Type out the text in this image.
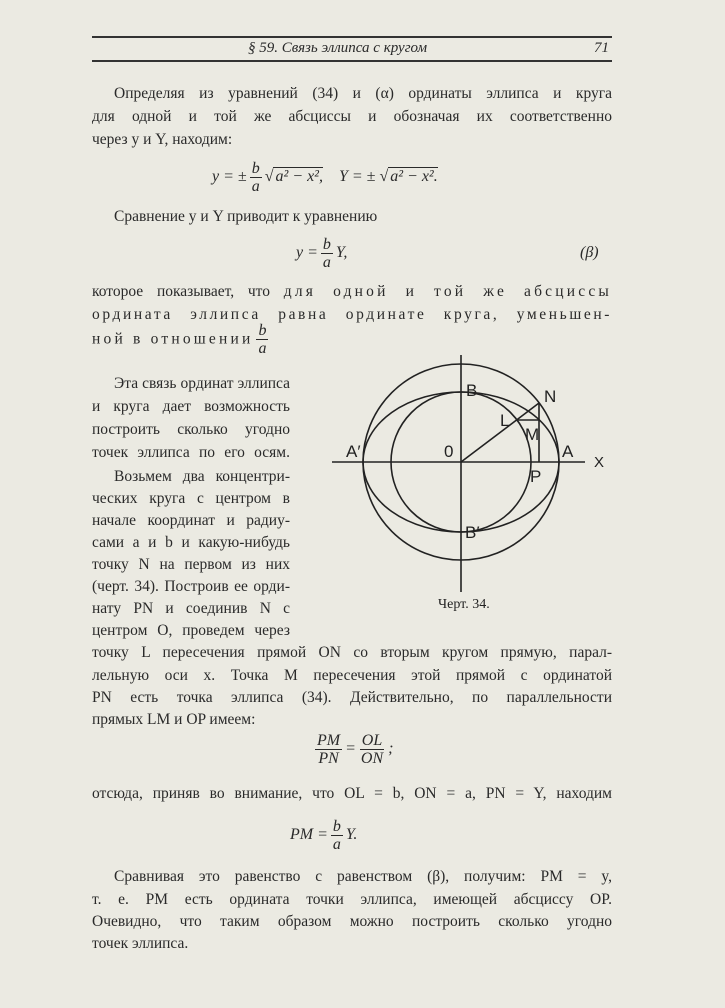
§ 59. Связь эллипса с кругом	71
Определяя из уравнений (34) и (α) ординаты эллипса и круга
для одной и той же абсциссы и обозначая их соответственно
через y и Y, находим:
y = ± $\frac{b}{a}$ √ a² − x², Y = ± √ a² − x².
Сравнение y и Y приводит к уравнению
$y = \frac{b}{a} Y$,	(β)
которое показывает, что для одной и той же абсциссы
ордината эллипса равна ординате круга, уменьшен-
ной в отношении $\frac{b}{a}$
Эта связь ординат эллипса
и круга дает возможность
построить сколько угодно
точек эллипса по его осям.
Возьмем два концентри-
ческих круга с центром в
начале координат и радиу-
сами a и b и какую-нибудь
точку N на первом из них
(черт. 34). Построив ее орди-
нату PN и соединив N с
центром O, проведем через
B	N
L
M
0
A′	A
P
B′
X
Черт. 34.
точку L пересечения прямой ON со вторым кругом прямую, парал-
лельную оси x. Точка M пересечения этой прямой с ординатой
PN есть точка эллипса (34). Действительно, по параллельности
прямых LM и OP имеем:
$\frac{PM}{PN} = \frac{OL}{ON}$ ;
отсюда, приняв во внимание, что OL = b, ON = a, PN = Y, находим
PM = $\frac{b}{a} Y$.
Сравнивая это равенство с равенством (β), получим: PM = y,
т. е. PM есть ордината точки эллипса, имеющей абсциссу OP.
Очевидно, что таким образом можно построить сколько угодно
точек эллипса.
